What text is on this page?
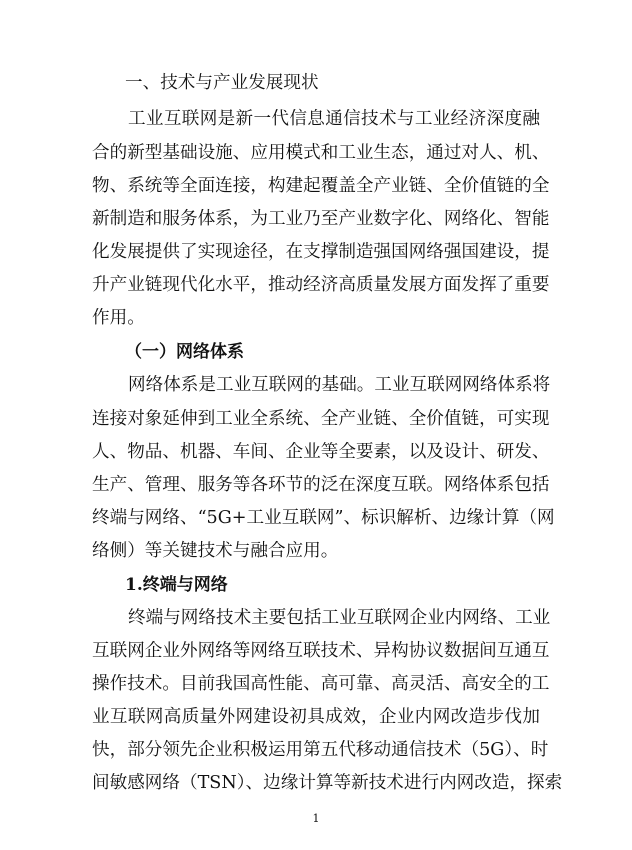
一、技术与产业发展现状
工业互联网是新一代信息通信技术与工业经济深度融
合的新型基础设施、应用模式和工业生态，通过对人、机、
物、系统等全面连接，构建起覆盖全产业链、全价值链的全
新制造和服务体系，为工业乃至产业数字化、网络化、智能
化发展提供了实现途径，在支撑制造强国网络强国建设，提
升产业链现代化水平，推动经济高质量发展方面发挥了重要
作用。
（一）网络体系
网络体系是工业互联网的基础。工业互联网网络体系将
连接对象延伸到工业全系统、全产业链、全价值链，可实现
人、物品、机器、车间、企业等全要素，以及设计、研发、
生产、管理、服务等各环节的泛在深度互联。网络体系包括
终端与网络、“5G+工业互联网”、标识解析、边缘计算（网
络侧）等关键技术与融合应用。
1.终端与网络
终端与网络技术主要包括工业互联网企业内网络、工业
互联网企业外网络等网络互联技术、异构协议数据间互通互
操作技术。目前我国高性能、高可靠、高灵活、高安全的工
业互联网高质量外网建设初具成效，企业内网改造步伐加
快，部分领先企业积极运用第五代移动通信技术（5G）、时
间敏感网络（TSN）、边缘计算等新技术进行内网改造，探索
1
